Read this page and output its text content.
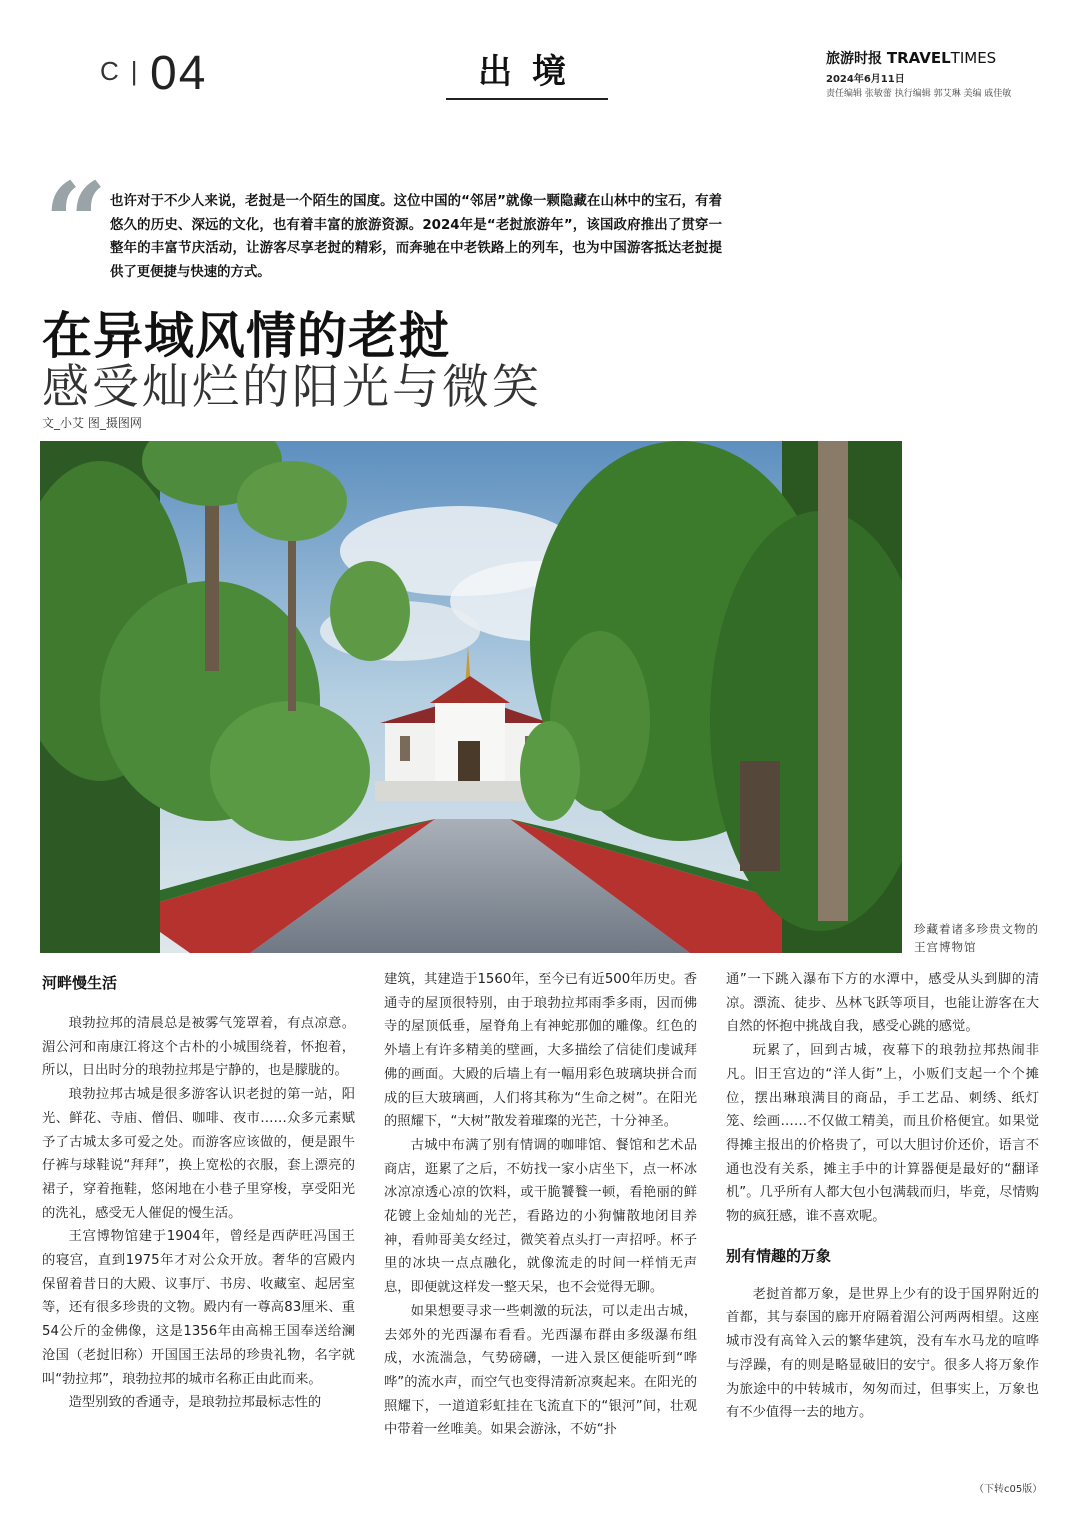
C | 04	出境	旅游时报 TRAVELTIMES
2024年6月11日
责任编辑 张敏蕾 执行编辑 郭艾琳 美编 戚佳敏
“ 也许对于不少人来说，老挝是一个陌生的国度。这位中国的“邻居”就像一颗隐藏在山林中的宝石，有着悠久的历史、深远的文化，也有着丰富的旅游资源。2024年是“老挝旅游年”，该国政府推出了贯穿一整年的丰富节庆活动，让游客尽享老挝的精彩，而奔驰在中老铁路上的列车，也为中国游客抵达老挝提供了更便捷与快速的方式。
在异域风情的老挝
感受灿烂的阳光与微笑
文_小艾 图_摄图网
珍藏着诸多珍贵文物的王宫博物馆
河畔慢生活

琅勃拉邦的清晨总是被雾气笼罩着，有点凉意。湄公河和南康江将这个古朴的小城围绕着，怀抱着，所以，日出时分的琅勃拉邦是宁静的，也是朦胧的。

琅勃拉邦古城是很多游客认识老挝的第一站，阳光、鲜花、寺庙、僧侣、咖啡、夜市……众多元素赋予了古城太多可爱之处。而游客应该做的，便是跟牛仔裤与球鞋说“拜拜”，换上宽松的衣服，套上漂亮的裙子，穿着拖鞋，悠闲地在小巷子里穿梭，享受阳光的洗礼，感受无人催促的慢生活。

王宫博物馆建于1904年，曾经是西萨旺冯国王的寝宫，直到1975年才对公众开放。奢华的宫殿内保留着昔日的大殿、议事厅、书房、收藏室、起居室等，还有很多珍贵的文物。殿内有一尊高83厘米、重54公斤的金佛像，这是1356年由高棉王国奉送给澜沧国（老挝旧称）开国国王法昂的珍贵礼物，名字就叫“勃拉邦”，琅勃拉邦的城市名称正由此而来。

造型别致的香通寺，是琅勃拉邦最标志性的

建筑，其建造于1560年，至今已有近500年历史。香通寺的屋顶很特别，由于琅勃拉邦雨季多雨，因而佛寺的屋顶低垂，屋脊角上有神蛇那伽的雕像。红色的外墙上有许多精美的壁画，大多描绘了信徒们虔诚拜佛的画面。大殿的后墙上有一幅用彩色玻璃块拼合而成的巨大玻璃画，人们将其称为“生命之树”。在阳光的照耀下，“大树”散发着璀璨的光芒，十分神圣。

古城中布满了别有情调的咖啡馆、餐馆和艺术品商店，逛累了之后，不妨找一家小店坐下，点一杯冰冰凉凉透心凉的饮料，或干脆饕餮一顿，看艳丽的鲜花镀上金灿灿的光芒，看路边的小狗慵散地闭目养神，看帅哥美女经过，微笑着点头打一声招呼。杯子里的冰块一点点融化，就像流走的时间一样悄无声息，即便就这样发一整天呆，也不会觉得无聊。

如果想要寻求一些刺激的玩法，可以走出古城，去郊外的光西瀑布看看。光西瀑布群由多级瀑布组成，水流湍急，气势磅礴，一进入景区便能听到“哗哗”的流水声，而空气也变得清新凉爽起来。在阳光的照耀下，一道道彩虹挂在飞流直下的“银河”间，壮观中带着一丝唯美。如果会游泳，不妨“扑

通”一下跳入瀑布下方的水潭中，感受从头到脚的清凉。漂流、徒步、丛林飞跃等项目，也能让游客在大自然的怀抱中挑战自我，感受心跳的感觉。

玩累了，回到古城，夜幕下的琅勃拉邦热闹非凡。旧王宫边的“洋人街”上，小贩们支起一个个摊位，摆出琳琅满目的商品，手工艺品、刺绣、纸灯笼、绘画……不仅做工精美，而且价格便宜。如果觉得摊主报出的价格贵了，可以大胆讨价还价，语言不通也没有关系，摊主手中的计算器便是最好的“翻译机”。几乎所有人都大包小包满载而归，毕竟，尽情购物的疯狂感，谁不喜欢呢。

别有情趣的万象

老挝首都万象，是世界上少有的设于国界附近的首都，其与泰国的廊开府隔着湄公河两两相望。这座城市没有高耸入云的繁华建筑，没有车水马龙的喧哗与浮躁，有的则是略显破旧的安宁。很多人将万象作为旅途中的中转城市，匆匆而过，但事实上，万象也有不少值得一去的地方。

（下转c05版）
